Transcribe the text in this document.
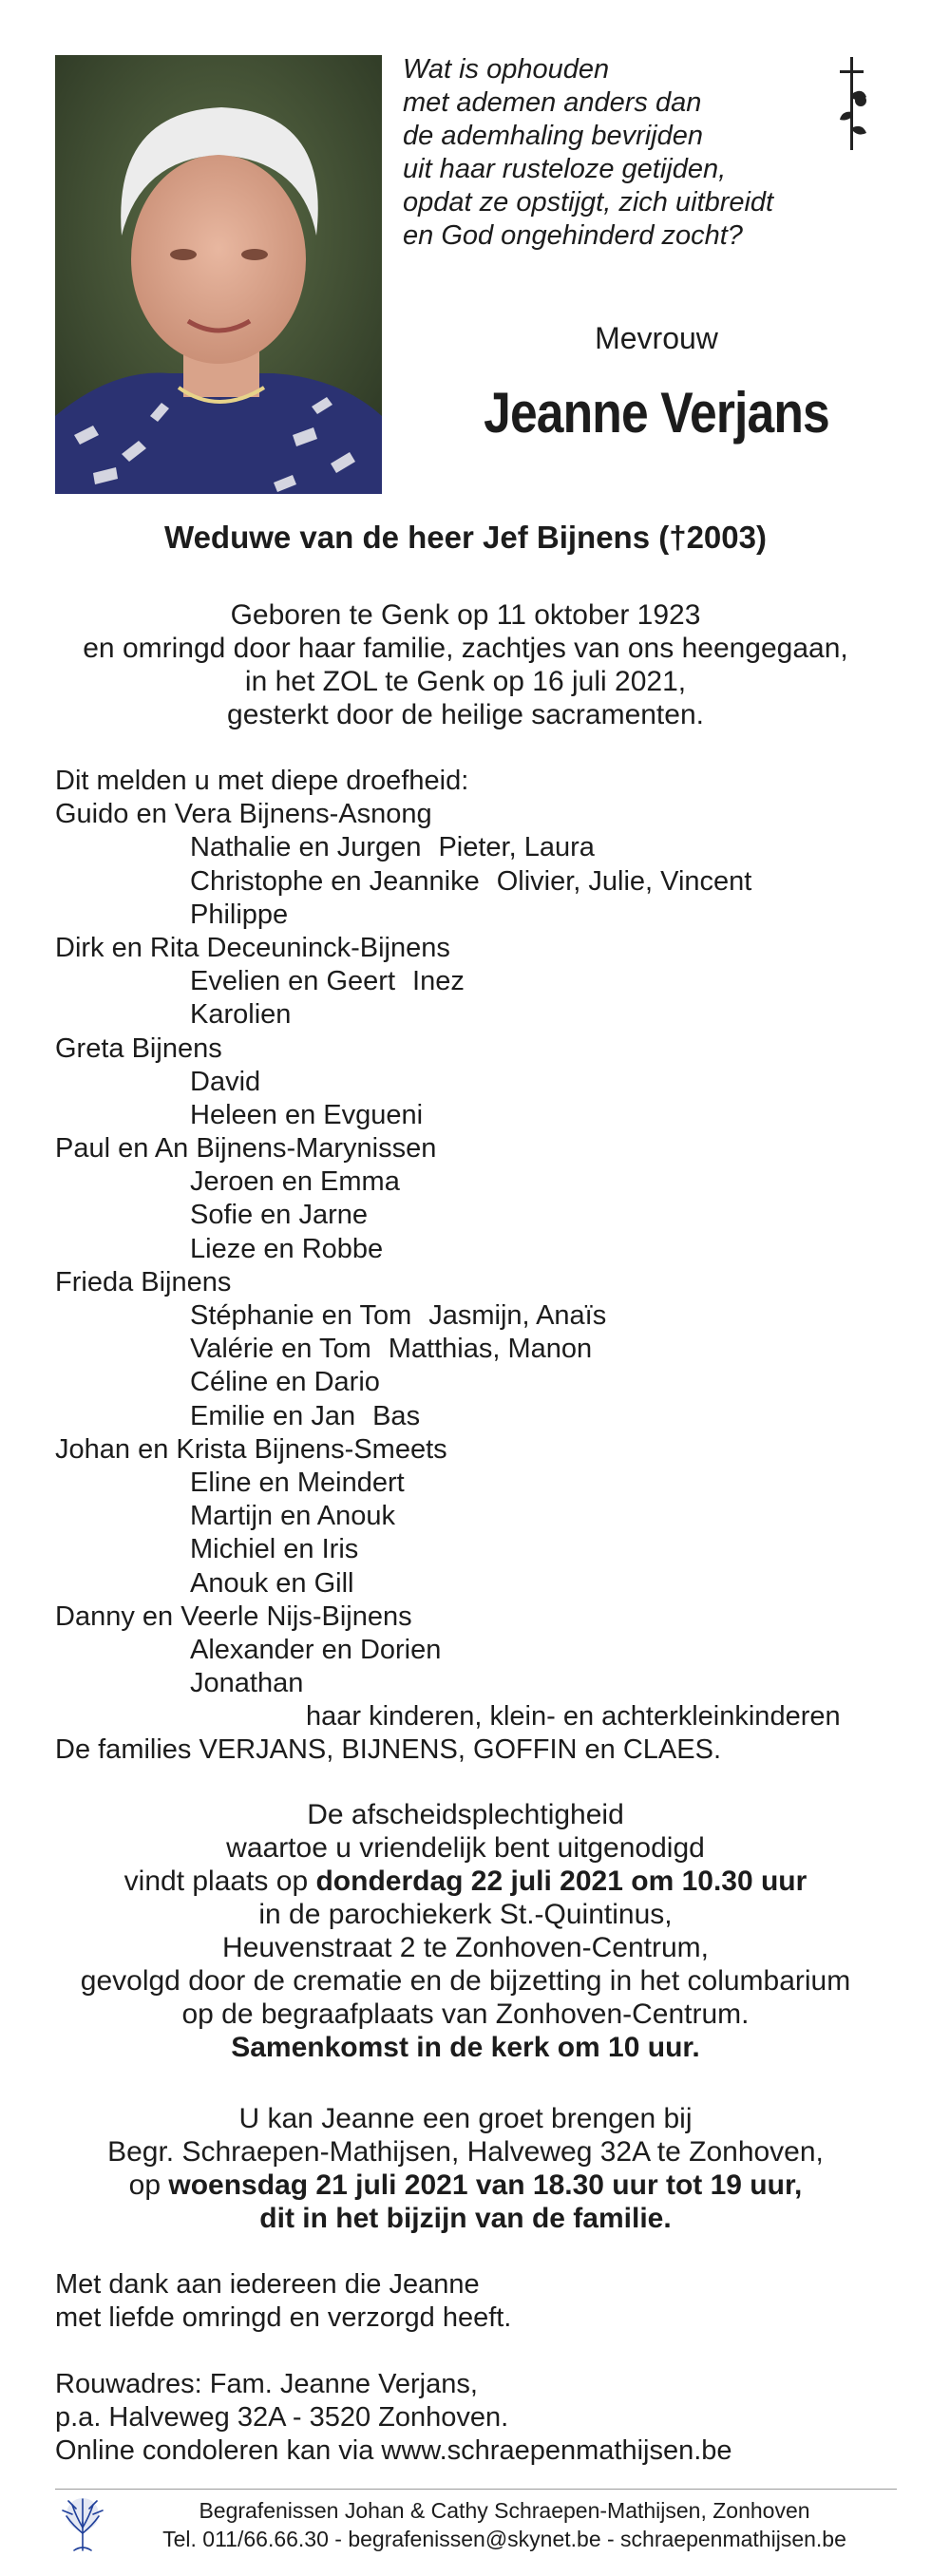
Wat is ophouden
met ademen anders dan
de ademhaling bevrijden
uit haar rusteloze getijden,
opdat ze opstijgt, zich uitbreidt
en God ongehinderd zocht?
Mevrouw
Jeanne Verjans
Weduwe van de heer Jef Bijnens (†2003)
Geboren te Genk op 11 oktober 1923
en omringd door haar familie, zachtjes van ons heengegaan,
in het ZOL te Genk op 16 juli 2021,
gesterkt door de heilige sacramenten.
Dit melden u met diepe droefheid:
Guido en Vera Bijnens-Asnong
Nathalie en Jurgen Pieter, Laura
Christophe en Jeannike Olivier, Julie, Vincent
Philippe
Dirk en Rita Deceuninck-Bijnens
Evelien en Geert Inez
Karolien
Greta Bijnens
David
Heleen en Evgueni
Paul en An Bijnens-Marynissen
Jeroen en Emma
Sofie en Jarne
Lieze en Robbe
Frieda Bijnens
Stéphanie en Tom Jasmijn, Anaïs
Valérie en Tom Matthias, Manon
Céline en Dario
Emilie en Jan Bas
Johan en Krista Bijnens-Smeets
Eline en Meindert
Martijn en Anouk
Michiel en Iris
Anouk en Gill
Danny en Veerle Nijs-Bijnens
Alexander en Dorien
Jonathan
haar kinderen, klein- en achterkleinkinderen
De families VERJANS, BIJNENS, GOFFIN en CLAES.
De afscheidsplechtigheid
waartoe u vriendelijk bent uitgenodigd
vindt plaats op donderdag 22 juli 2021 om 10.30 uur
in de parochiekerk St.-Quintinus,
Heuvenstraat 2 te Zonhoven-Centrum,
gevolgd door de crematie en de bijzetting in het columbarium
op de begraafplaats van Zonhoven-Centrum.
Samenkomst in de kerk om 10 uur.
U kan Jeanne een groet brengen bij
Begr. Schraepen-Mathijsen, Halveweg 32A te Zonhoven,
op woensdag 21 juli 2021 van 18.30 uur tot 19 uur,
dit in het bijzijn van de familie.
Met dank aan iedereen die Jeanne
met liefde omringd en verzorgd heeft.
Rouwadres: Fam. Jeanne Verjans,
p.a. Halveweg 32A - 3520 Zonhoven.
Online condoleren kan via www.schraepenmathijsen.be
Begrafenissen Johan & Cathy Schraepen-Mathijsen, Zonhoven
Tel. 011/66.66.30 - begrafenissen@skynet.be - schraepenmathijsen.be
